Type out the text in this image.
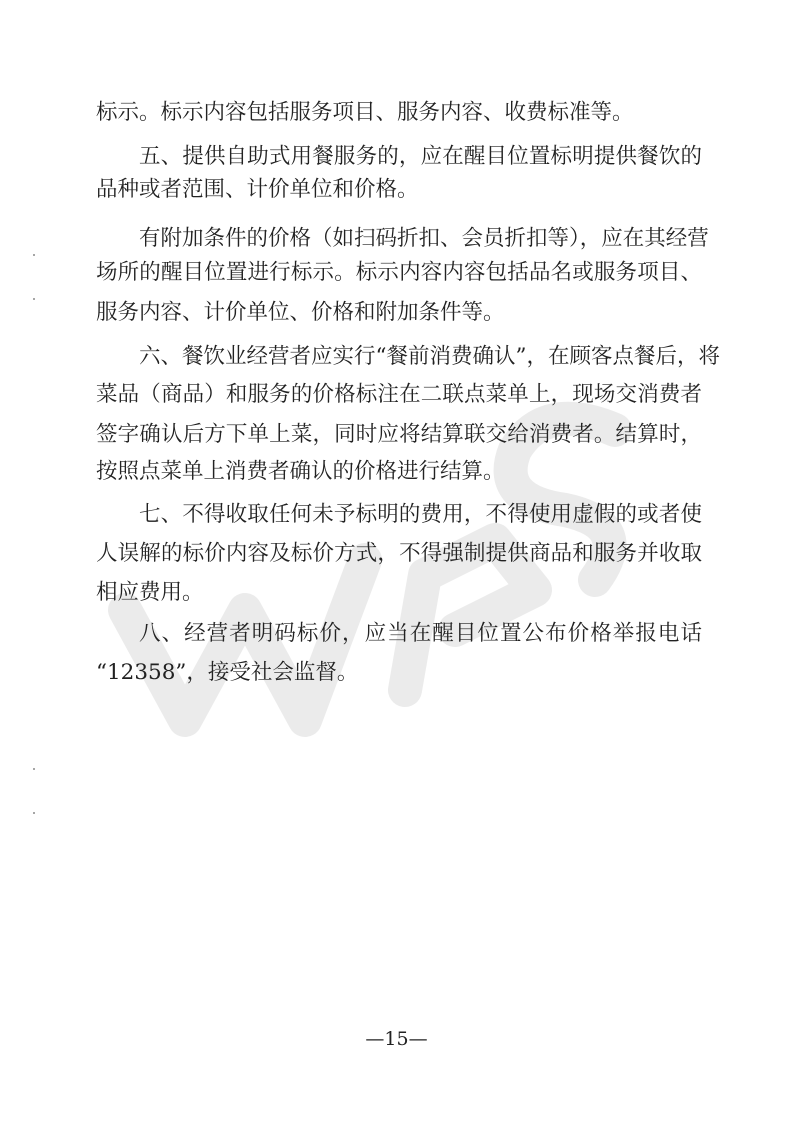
标示。标示内容包括服务项目、服务内容、收费标准等。
五、提供自助式用餐服务的，应在醒目位置标明提供餐饮的
品种或者范围、计价单位和价格。
有附加条件的价格（如扫码折扣、会员折扣等），应在其经营
场所的醒目位置进行标示。标示内容内容包括品名或服务项目、
服务内容、计价单位、价格和附加条件等。
六、餐饮业经营者应实行“餐前消费确认”，在顾客点餐后，将
菜品（商品）和服务的价格标注在二联点菜单上，现场交消费者
签字确认后方下单上菜，同时应将结算联交给消费者。结算时，
按照点菜单上消费者确认的价格进行结算。
七、不得收取任何未予标明的费用，不得使用虚假的或者使
人误解的标价内容及标价方式，不得强制提供商品和服务并收取
相应费用。
八、经营者明码标价，应当在醒目位置公布价格举报电话
“12358”，接受社会监督。
—15—
